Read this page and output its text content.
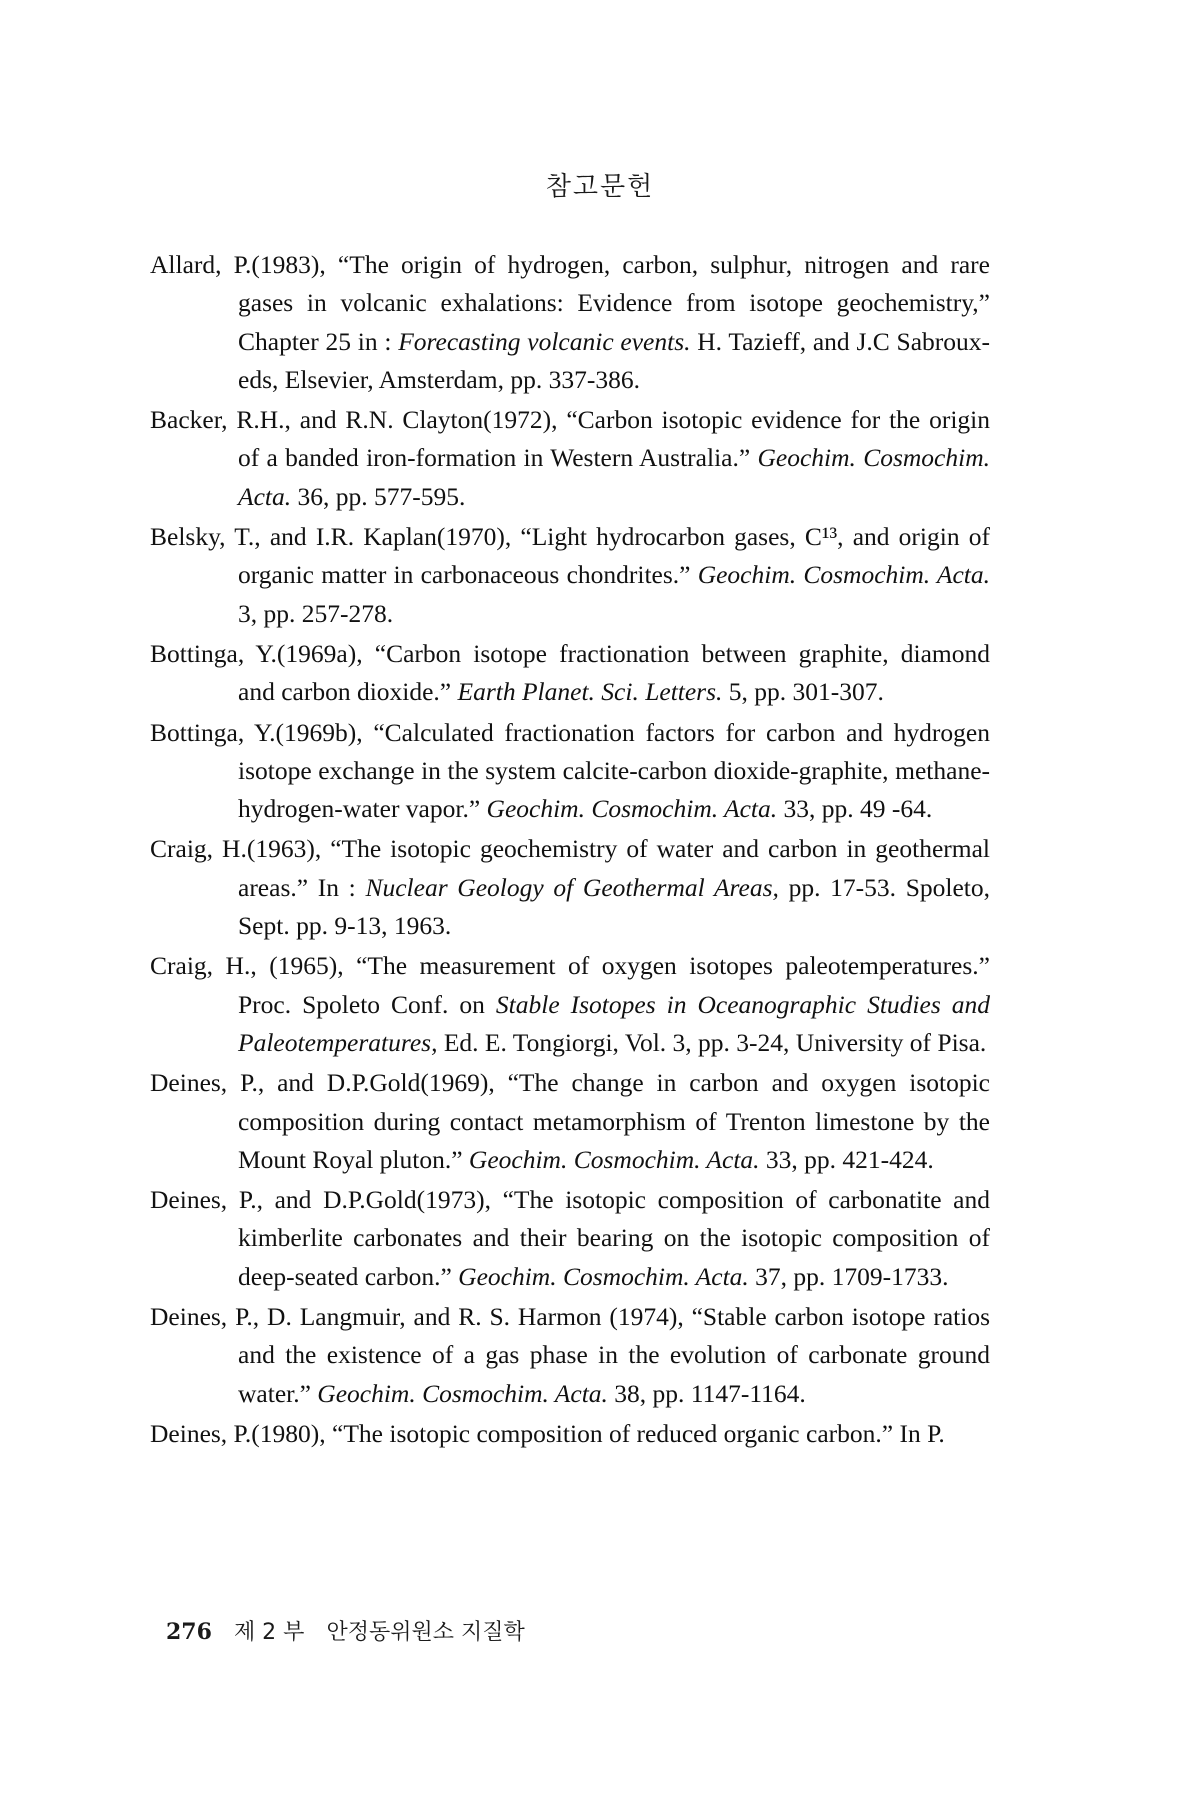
참고문헌

Allard, P.(1983), “The origin of hydrogen, carbon, sulphur, nitrogen and rare gases in volcanic exhalations: Evidence from isotope geochemistry,” Chapter 25 in : Forecasting volcanic events. H. Tazieff, and J.C Sabroux-eds, Elsevier, Amsterdam, pp. 337-386.

Backer, R.H., and R.N. Clayton(1972), “Carbon isotopic evidence for the origin of a banded iron-formation in Western Australia.” Geochim. Cosmochim. Acta. 36, pp. 577-595.

Belsky, T., and I.R. Kaplan(1970), “Light hydrocarbon gases, C¹³, and origin of organic matter in carbonaceous chondrites.” Geochim. Cosmochim. Acta. 3, pp. 257-278.

Bottinga, Y.(1969a), “Carbon isotope fractionation between graphite, diamond and carbon dioxide.” Earth Planet. Sci. Letters. 5, pp. 301-307.

Bottinga, Y.(1969b), “Calculated fractionation factors for carbon and hydrogen isotope exchange in the system calcite-carbon dioxide-graphite, methane-hydrogen-water vapor.” Geochim. Cosmochim. Acta. 33, pp. 49 -64.

Craig, H.(1963), “The isotopic geochemistry of water and carbon in geothermal areas.” In : Nuclear Geology of Geothermal Areas, pp. 17-53. Spoleto, Sept. pp. 9-13, 1963.

Craig, H., (1965), “The measurement of oxygen isotopes paleotemperatures.” Proc. Spoleto Conf. on Stable Isotopes in Oceanographic Studies and Paleotemperatures, Ed. E. Tongiorgi, Vol. 3, pp. 3-24, University of Pisa.

Deines, P., and D.P.Gold(1969), “The change in carbon and oxygen isotopic composition during contact metamorphism of Trenton limestone by the Mount Royal pluton.” Geochim. Cosmochim. Acta. 33, pp. 421-424.

Deines, P., and D.P.Gold(1973), “The isotopic composition of carbonatite and kimberlite carbonates and their bearing on the isotopic composition of deep-seated carbon.” Geochim. Cosmochim. Acta. 37, pp. 1709-1733.

Deines, P., D. Langmuir, and R. S. Harmon (1974), “Stable carbon isotope ratios and the existence of a gas phase in the evolution of carbonate ground water.” Geochim. Cosmochim. Acta. 38, pp. 1147-1164.

Deines, P.(1980), “The isotopic composition of reduced organic carbon.” In P.

276 제 2 부 안정동위원소 지질학
